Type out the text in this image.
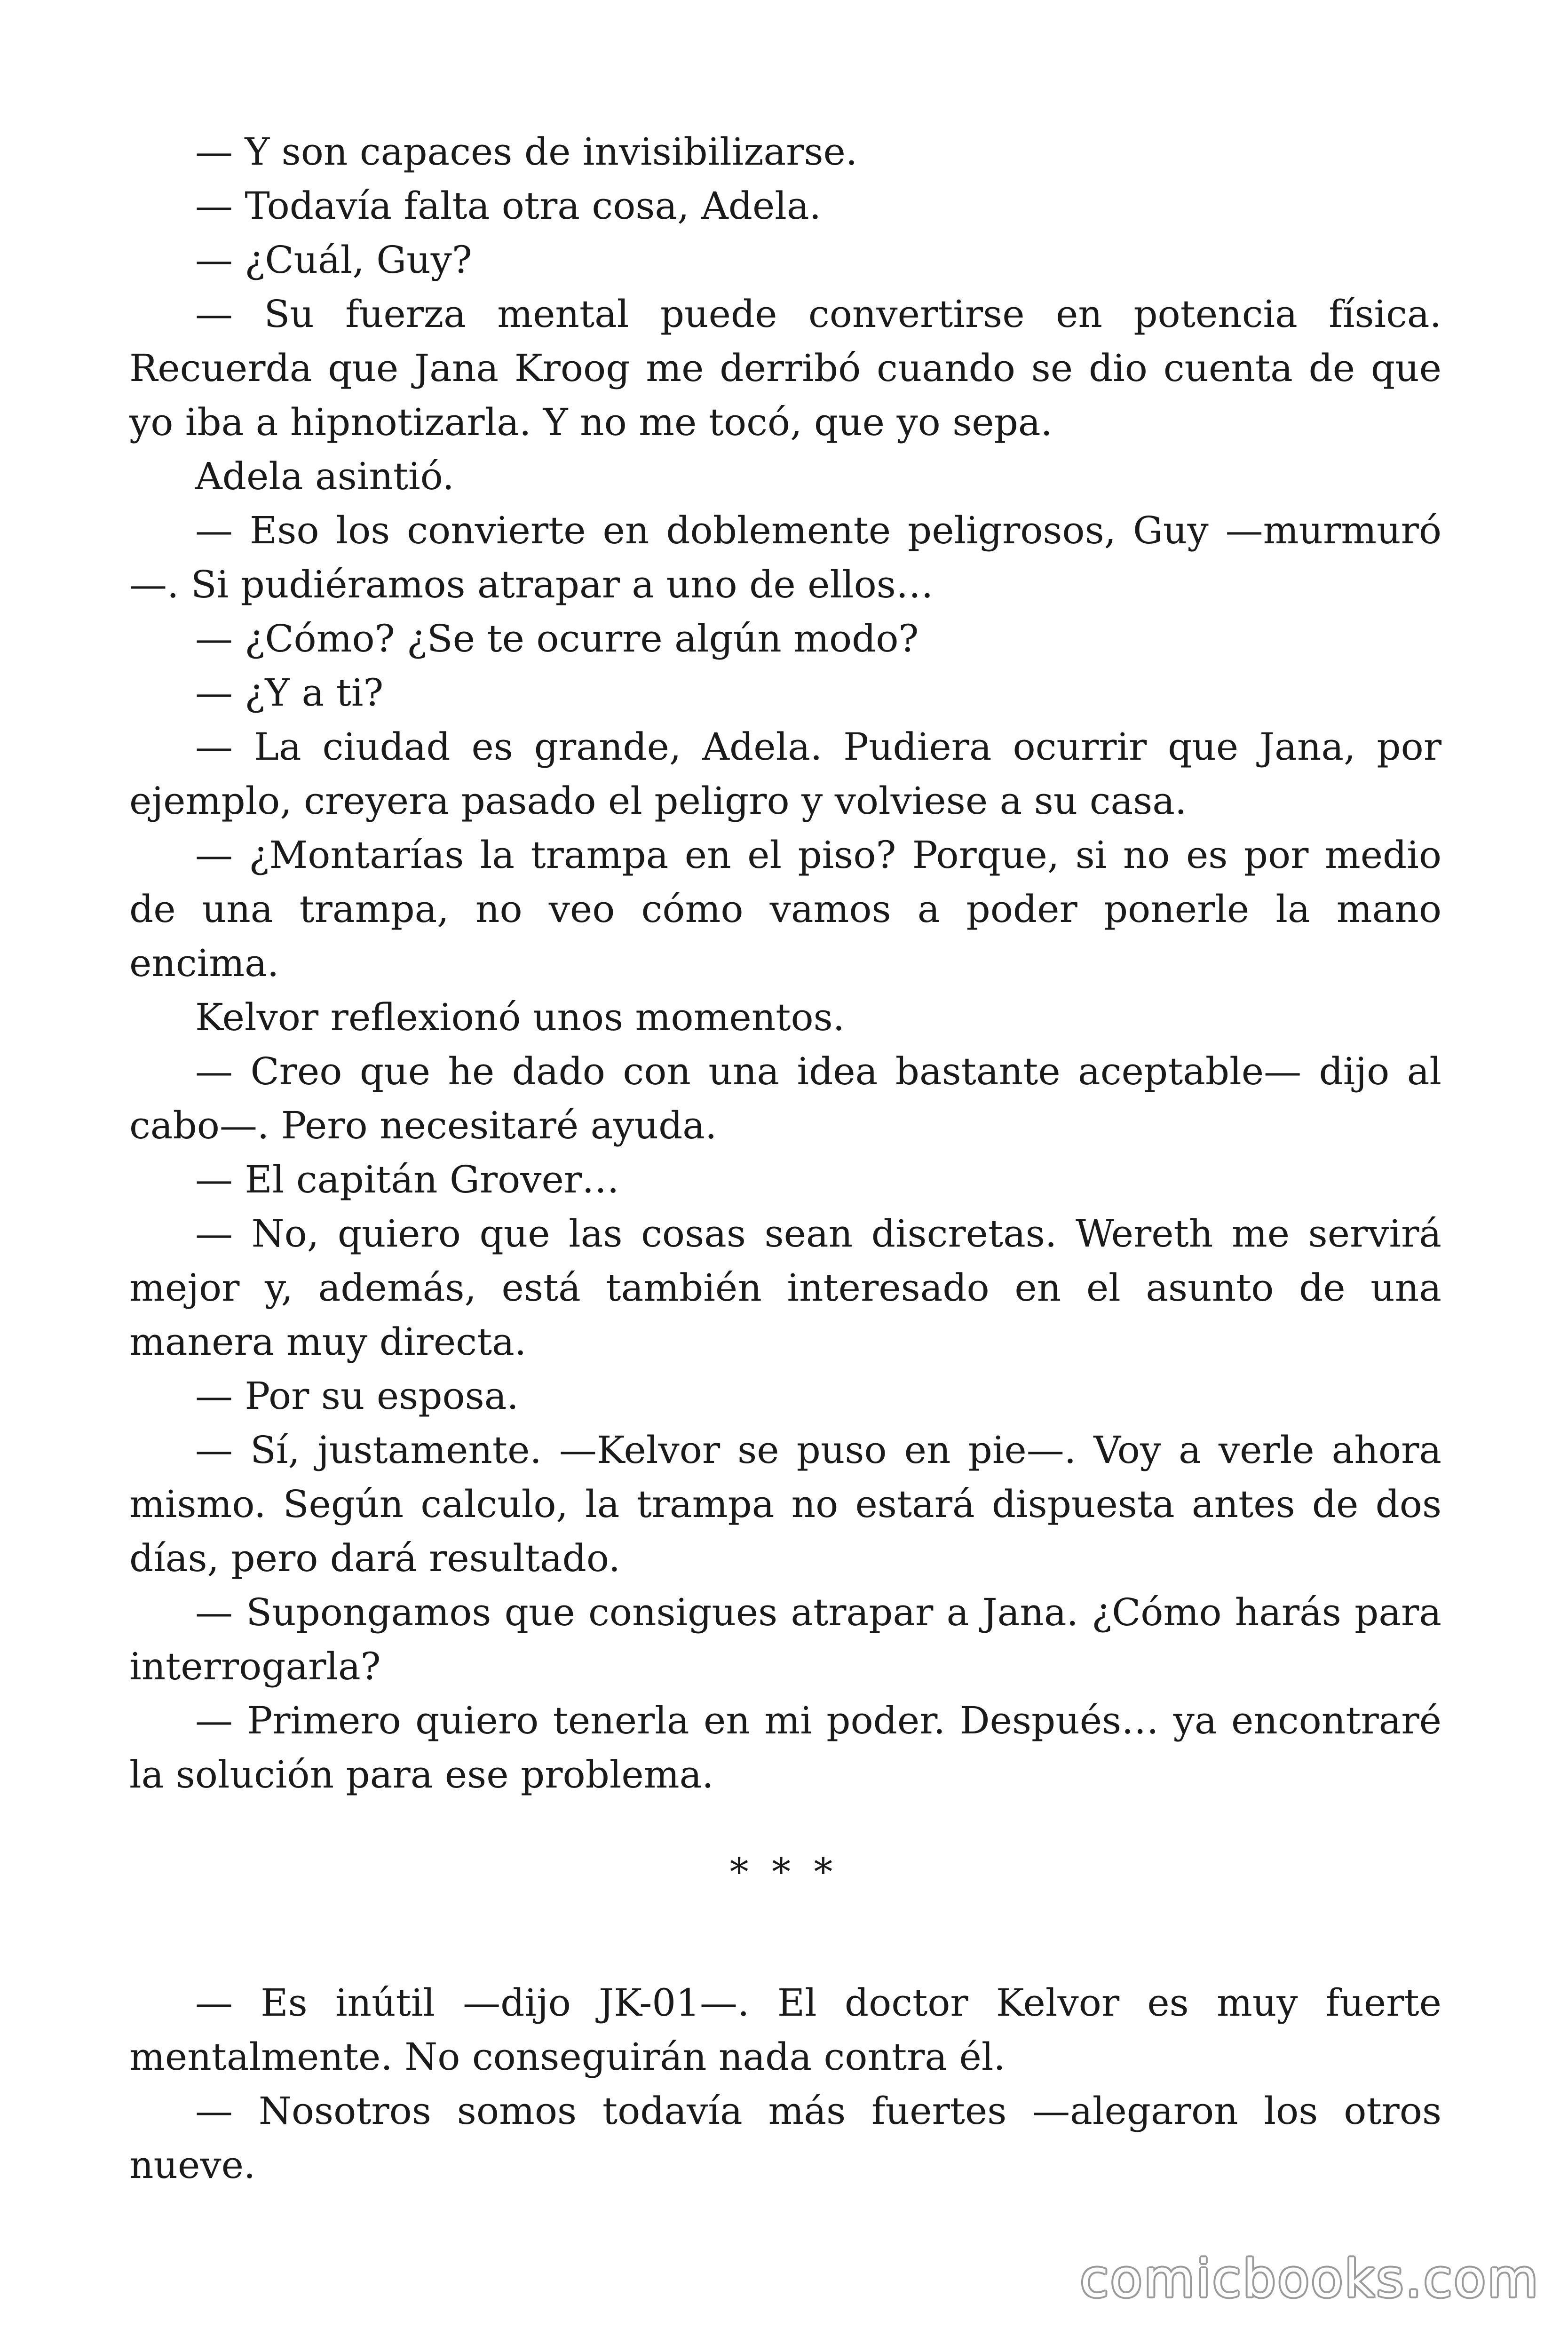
— Y son capaces de invisibilizarse.

— Todavía falta otra cosa, Adela.

— ¿Cuál, Guy?

— Su fuerza mental puede convertirse en potencia física. Recuerda que Jana Kroog me derribó cuando se dio cuenta de que yo iba a hipnotizarla. Y no me tocó, que yo sepa.

Adela asintió.

— Eso los convierte en doblemente peligrosos, Guy —murmuró —. Si pudiéramos atrapar a uno de ellos…

— ¿Cómo? ¿Se te ocurre algún modo?

— ¿Y a ti?

— La ciudad es grande, Adela. Pudiera ocurrir que Jana, por ejemplo, creyera pasado el peligro y volviese a su casa.

— ¿Montarías la trampa en el piso? Porque, si no es por medio de una trampa, no veo cómo vamos a poder ponerle la mano encima.

Kelvor reflexionó unos momentos.

— Creo que he dado con una idea bastante aceptable— dijo al cabo—. Pero necesitaré ayuda.

— El capitán Grover…

— No, quiero que las cosas sean discretas. Wereth me servirá mejor y, además, está también interesado en el asunto de una manera muy directa.

— Por su esposa.

— Sí, justamente. —Kelvor se puso en pie—. Voy a verle ahora mismo. Según calculo, la trampa no estará dispuesta antes de dos días, pero dará resultado.

— Supongamos que consigues atrapar a Jana. ¿Cómo harás para interrogarla?

— Primero quiero tenerla en mi poder. Después… ya encontraré la solución para ese problema.

* * *

— Es inútil —dijo JK-01—. El doctor Kelvor es muy fuerte mentalmente. No conseguirán nada contra él.

— Nosotros somos todavía más fuertes —alegaron los otros nueve.

comicbooks.com
